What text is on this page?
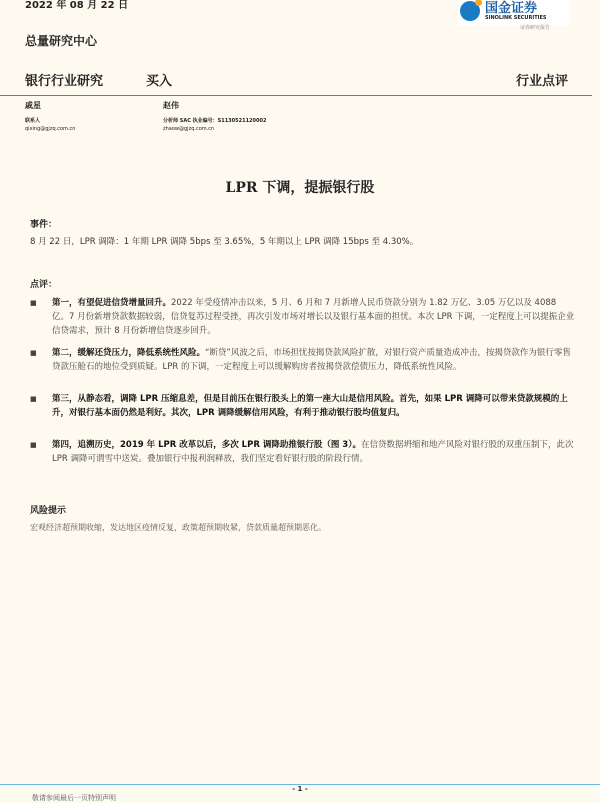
2022 年 08 月 22 日	国金证券
SINOLINK SECURITIES
证券研究报告
总量研究中心
银行行业研究	买入	行业点评
戚星
联系人
qixing@gjzq.com.cn
赵伟
分析师 SAC 执业编号：S1130521120002
zhaow@gjzq.com.cn
LPR 下调，提振银行股
事件：
8 月 22 日，LPR 调降：1 年期 LPR 调降 5bps 至 3.65%，5 年期以上 LPR 调降 15bps 至 4.30%。
点评：
■	第一，有望促进信贷增量回升。2022 年受疫情冲击以来，5 月、6 月和 7 月新增人民币贷款分别为 1.82 万亿、3.05 万亿以及 4088 亿。7 月份新增贷款数据较弱，信贷复苏过程受挫，再次引发市场对增长以及银行基本面的担忧。本次 LPR 下调，一定程度上可以提振企业信贷需求，预计 8 月份新增信贷逐步回升。
■	第二，缓解还贷压力，降低系统性风险。“断贷”风波之后，市场担忧按揭贷款风险扩散，对银行资产质量造成冲击，按揭贷款作为银行零售贷款压舱石的地位受到质疑。LPR 的下调，一定程度上可以缓解购房者按揭贷款偿债压力，降低系统性风险。
■	第三，从静态看，调降 LPR 压缩息差，但是目前压在银行股头上的第一座大山是信用风险。首先，如果 LPR 调降可以带来贷款规模的上升，对银行基本面仍然是利好。其次，LPR 调降缓解信用风险，有利于推动银行股均值复归。
■	第四，追溯历史，2019 年 LPR 改革以后，多次 LPR 调降助推银行股（图 3）。在信贷数据坍缩和地产风险对银行股的双重压制下，此次 LPR 调降可谓雪中送炭。叠加银行中报利润释放，我们坚定看好银行股的阶段行情。
风险提示
宏观经济超预期收缩，发达地区疫情反复，政策超预期收紧，贷款质量超预期恶化。
- 1 -
敬请参阅最后一页特别声明
